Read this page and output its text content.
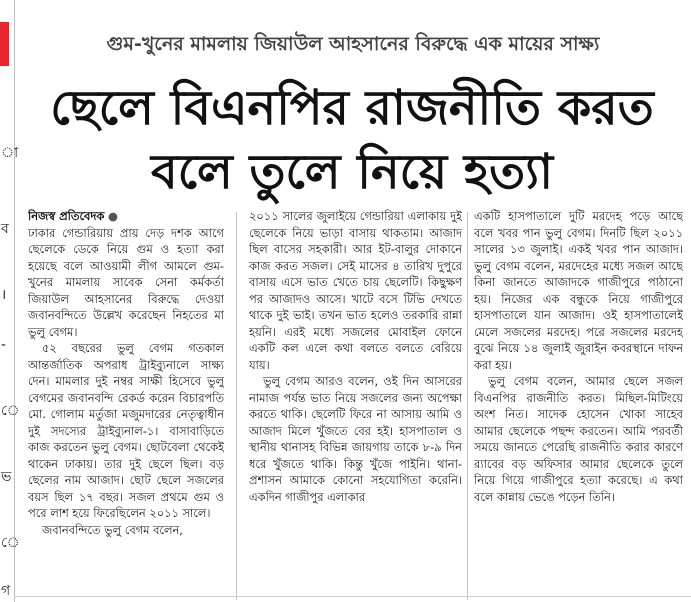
া
ব
।
-
ে
ভ
ে
গ
গুম-খুনের মামলায় জিয়াউল আহসানের বিরুদ্ধে এক মায়ের সাক্ষ্য
ছেলে বিএনপির রাজনীতি করত
বলে তুলে নিয়ে হত্যা

নিজস্ব প্রতিবেদক ●

ঢাকার গেন্ডারিয়ায় প্রায় দেড় দশক আগে ছেলেকে ডেকে নিয়ে গুম ও হত্যা করা হয়েছে বলে আওয়ামী লীগ আমলে গুম-খুনের মামলায় সাবেক সেনা কর্মকর্তা জিয়াউল আহসানের বিরুদ্ধে দেওয়া জবানবন্দিতে উল্লেখ করেছেন নিহতের মা ভুলু বেগম।

৫২ বছরের ভুলু বেগম গতকাল আন্তর্জাতিক অপরাধ ট্রাইব্যুনালে সাক্ষ্য দেন। মামলার দুই নম্বর সাক্ষী হিসেবে ভুলু বেগমের জবানবন্দি রেকর্ড করেন বিচারপতি মো. গোলাম মর্তুজা মজুমদারের নেতৃত্বাধীন দুই সদস্যের ট্রাইব্যুনাল-১। বাসাবাড়িতে কাজ করতেন ভুলু বেগম। ছোটবেলা থেকেই থাকেন ঢাকায়। তার দুই ছেলে ছিল। বড় ছেলের নাম আজাদ। ছোট ছেলে সজলের বয়স ছিল ১৭ বছর। সজল প্রথমে গুম ও পরে লাশ হয়ে ফিরেছিলেন ২০১১ সালে।

জবানবন্দিতে ভুলু বেগম বলেন,

২০১১ সালের জুলাইয়ে গেন্ডারিয়া এলাকায় দুই ছেলেকে নিয়ে ভাড়া বাসায় থাকতাম। আজাদ ছিল বাসের সহকারী। আর ইট-বালুর দোকানে কাজ করত সজল। সেই মাসের ৪ তারিখ দুপুরে বাসায় এসে ভাত খেতে চায় ছেলেটি। কিছুক্ষণ পর আজাদও আসে। খাটে বসে টিভি দেখতে থাকে দুই ভাই। তখন ভাত হলেও তরকারি রান্না হয়নি। এরই মধ্যে সজলের মোবাইল ফোনে একটি কল এলে কথা বলতে বলতে বেরিয়ে যায়।

ভুলু বেগম আরও বলেন, ওই দিন আসরের নামাজ পর্যন্ত ভাত নিয়ে সজলের জন্য অপেক্ষা করতে থাকি। ছেলেটি ফিরে না আসায় আমি ও আজাদ মিলে খুঁজতে বের হই। হাসপাতাল ও স্থানীয় থানাসহ বিভিন্ন জায়গায় তাকে ৮-৯ দিন ধরে খুঁজতে থাকি। কিন্তু খুঁজে পাইনি। থানা-প্রশাসন আমাকে কোনো সহযোগিতা করেনি। একদিন গাজীপুর এলাকার

একটি হাসপাতালে দুটি মরদেহ পড়ে আছে বলে খবর পান ভুলু বেগম। দিনটি ছিল ২০১১ সালের ১৩ জুলাই। একই খবর পান আজাদ। ভুলু বেগম বলেন, মরদেহের মধ্যে সজল আছে কিনা জানতে আজাদকে গাজীপুরে পাঠানো হয়। নিজের এক বন্ধুকে নিয়ে গাজীপুরে হাসপাতালে যান আজাদ। ওই হাসপাতালেই মেলে সজলের মরদেহ। পরে সজলের মরদেহ বুঝে নিয়ে ১৪ জুলাই জুরাইন কবরস্থানে দাফন করা হয়।

ভুলু বেগম বলেন, আমার ছেলে সজল বিএনপির রাজনীতি করত। মিছিল-মিটিংয়ে অংশ নিত। সাদেক হোসেন খোকা সাহেব আমার ছেলেকে পছন্দ করতেন। আমি পরবর্তী সময়ে জানতে পেরেছি রাজনীতি করার কারণে র‍্যাবের বড় অফিসার আমার ছেলেকে তুলে নিয়ে গিয়ে গাজীপুরে হত্যা করেছে। এ কথা বলে কান্নায় ভেঙে পড়েন তিনি।
